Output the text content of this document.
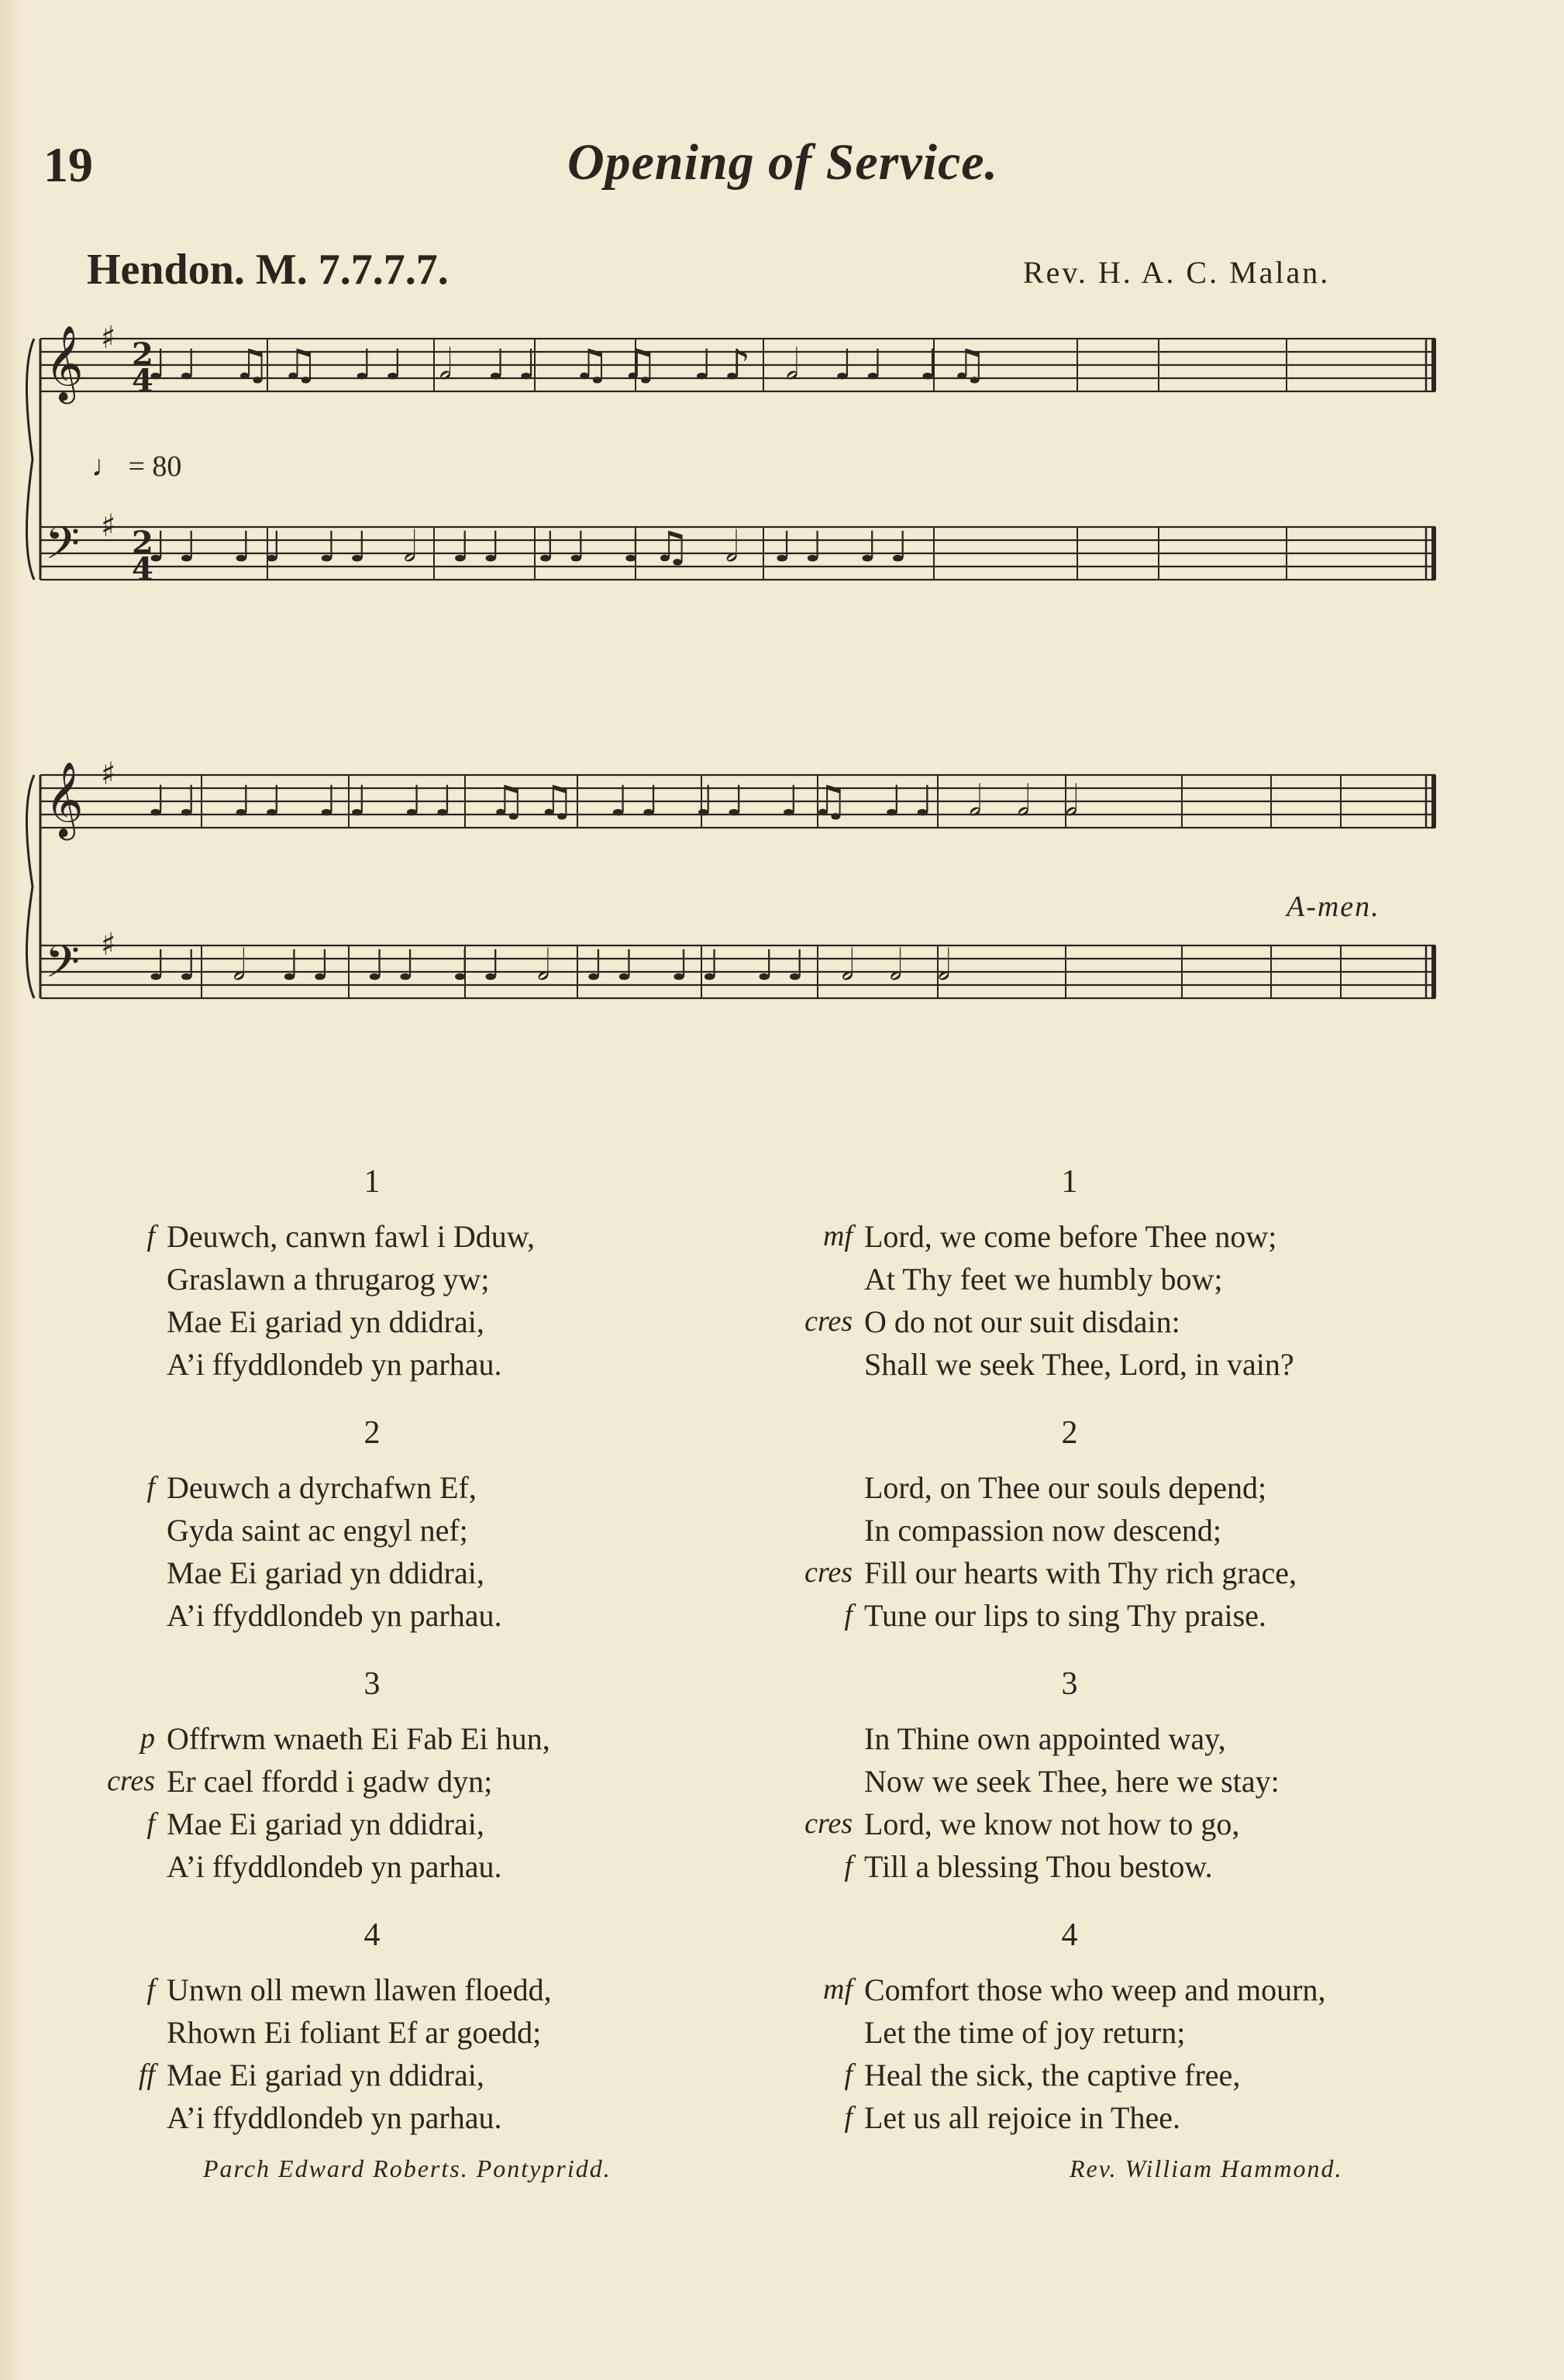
19	Opening of Service.
Hendon. M. 7.7.7.7.	Rev. H. A. C. Malan.
𝄞
𝄢
♯ 2
4
♯ 2
4
♩♩ ♫♫ ♩♩ 𝅗𝅥 ♩♩ ♫♫ ♩♪ 𝅗𝅥 ♩♩ ♩♫
♩♩ ♩♩ ♩♩ 𝅗𝅥 ♩♩ ♩♩ ♩♫ 𝅗𝅥 ♩♩ ♩♩
𝄞
𝄢
♯
♯
♩♩ ♩♩ ♩♩ ♩♩ ♫♫ ♩♩ ♩♩ ♩♫ ♩♩ 𝅗𝅥 𝅗𝅥 𝅗𝅥
♩♩ 𝅗𝅥 ♩♩ ♩♩ ♩♩ 𝅗𝅥 ♩♩ ♩♩ ♩♩ 𝅗𝅥 𝅗𝅥 𝅗𝅥
♩ = 80
A-men.
1
f Deuwch, canwn fawl i Dduw,
Graslawn a thrugarog yw;
Mae Ei gariad yn ddidrai,
A’i ffyddlondeb yn parhau.
2
f Deuwch a dyrchafwn Ef,
Gyda saint ac engyl nef;
Mae Ei gariad yn ddidrai,
A’i ffyddlondeb yn parhau.
3
p Offrwm wnaeth Ei Fab Ei hun,
cres Er cael ffordd i gadw dyn;
f Mae Ei gariad yn ddidrai,
A’i ffyddlondeb yn parhau.
4
f Unwn oll mewn llawen floedd,
Rhown Ei foliant Ef ar goedd;
ff Mae Ei gariad yn ddidrai,
A’i ffyddlondeb yn parhau.
Parch Edward Roberts. Pontypridd.
1
mf Lord, we come before Thee now;
At Thy feet we humbly bow;
cres O do not our suit disdain:
Shall we seek Thee, Lord, in vain?
2
Lord, on Thee our souls depend;
In compassion now descend;
cres Fill our hearts with Thy rich grace,
f Tune our lips to sing Thy praise.
3
In Thine own appointed way,
Now we seek Thee, here we stay:
cres Lord, we know not how to go,
f Till a blessing Thou bestow.
4
mf Comfort those who weep and mourn,
Let the time of joy return;
f Heal the sick, the captive free,
f Let us all rejoice in Thee.
Rev. William Hammond.
